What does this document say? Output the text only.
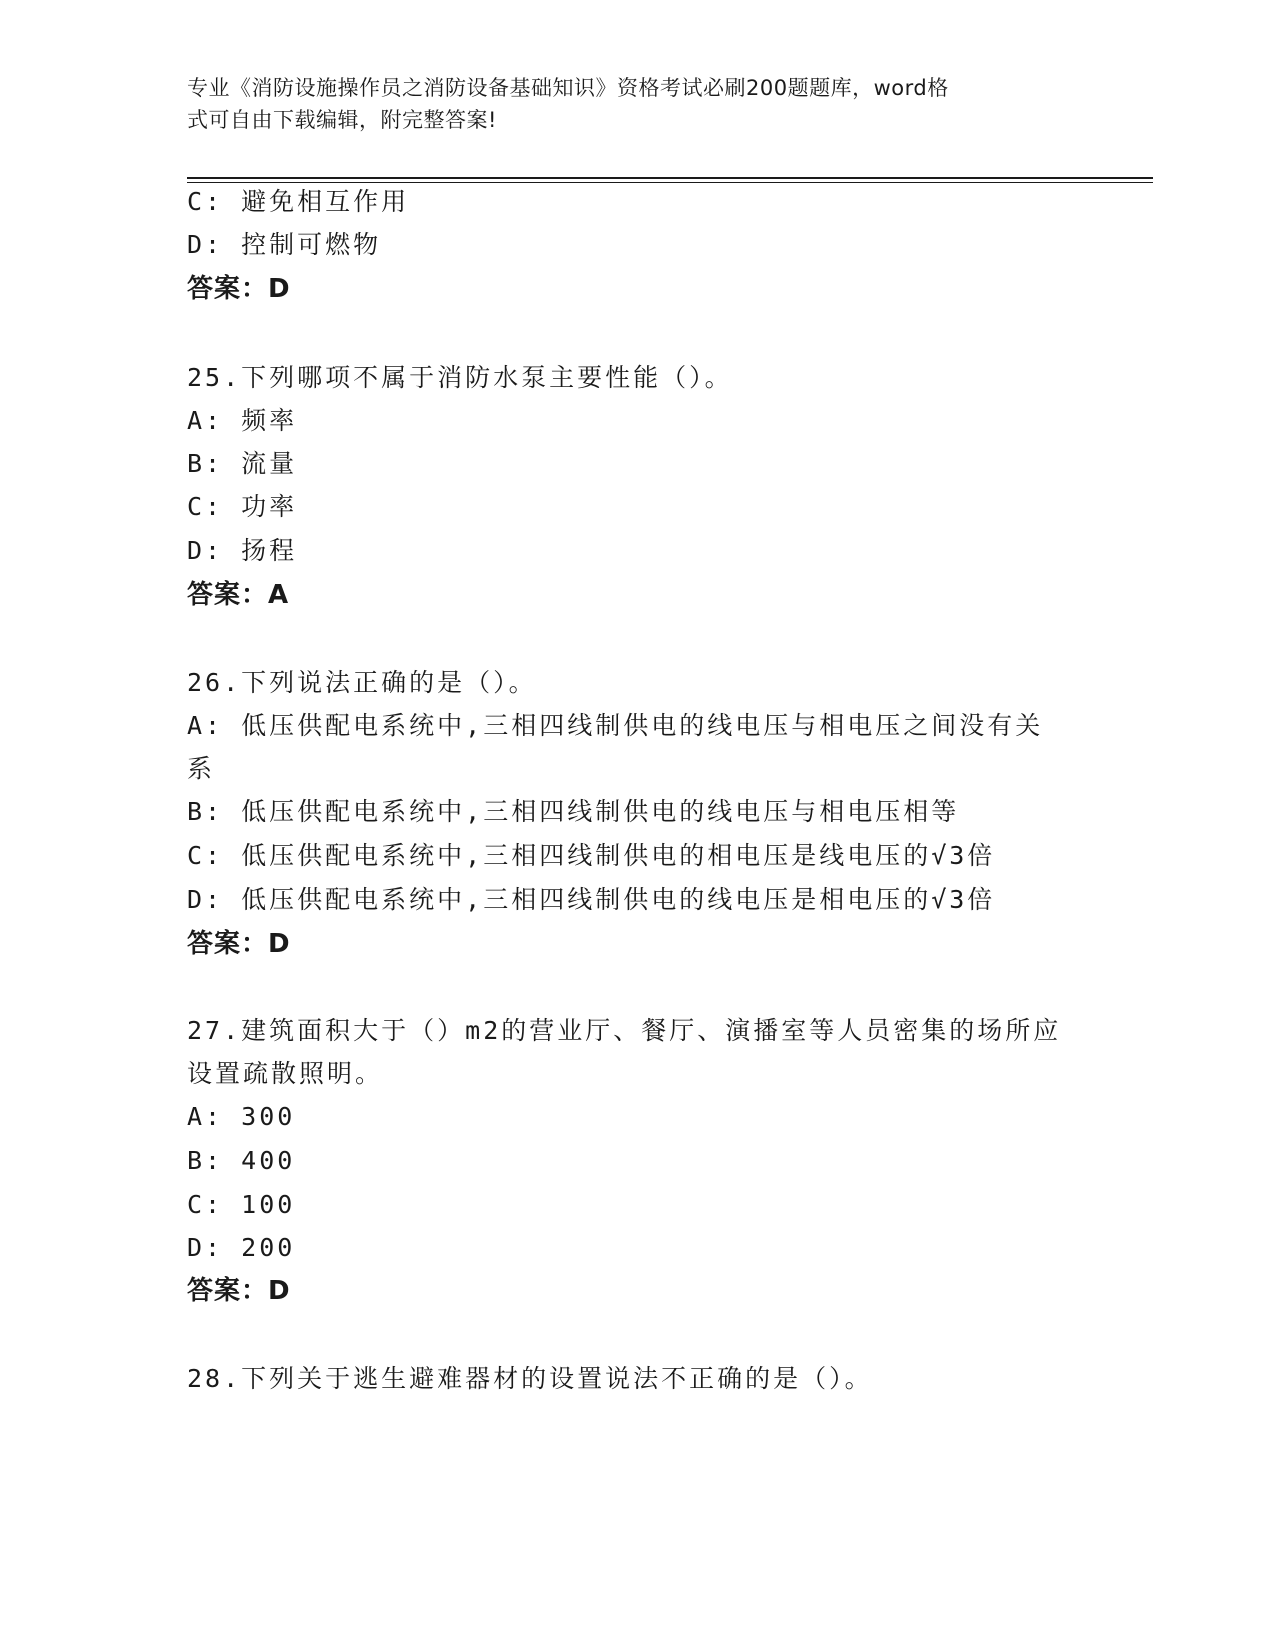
专业《消防设施操作员之消防设备基础知识》资格考试必刷200题题库，word格
式可自由下载编辑，附完整答案!
C: 避免相互作用
D: 控制可燃物
答案：D
25.下列哪项不属于消防水泵主要性能（）。
A: 频率
B: 流量
C: 功率
D: 扬程
答案：A
26.下列说法正确的是（）。
A: 低压供配电系统中,三相四线制供电的线电压与相电压之间没有关
系
B: 低压供配电系统中,三相四线制供电的线电压与相电压相等
C: 低压供配电系统中,三相四线制供电的相电压是线电压的√3倍
D: 低压供配电系统中,三相四线制供电的线电压是相电压的√3倍
答案：D
27.建筑面积大于（）m2的营业厅、餐厅、演播室等人员密集的场所应
设置疏散照明。
A: 300
B: 400
C: 100
D: 200
答案：D
28.下列关于逃生避难器材的设置说法不正确的是（）。
